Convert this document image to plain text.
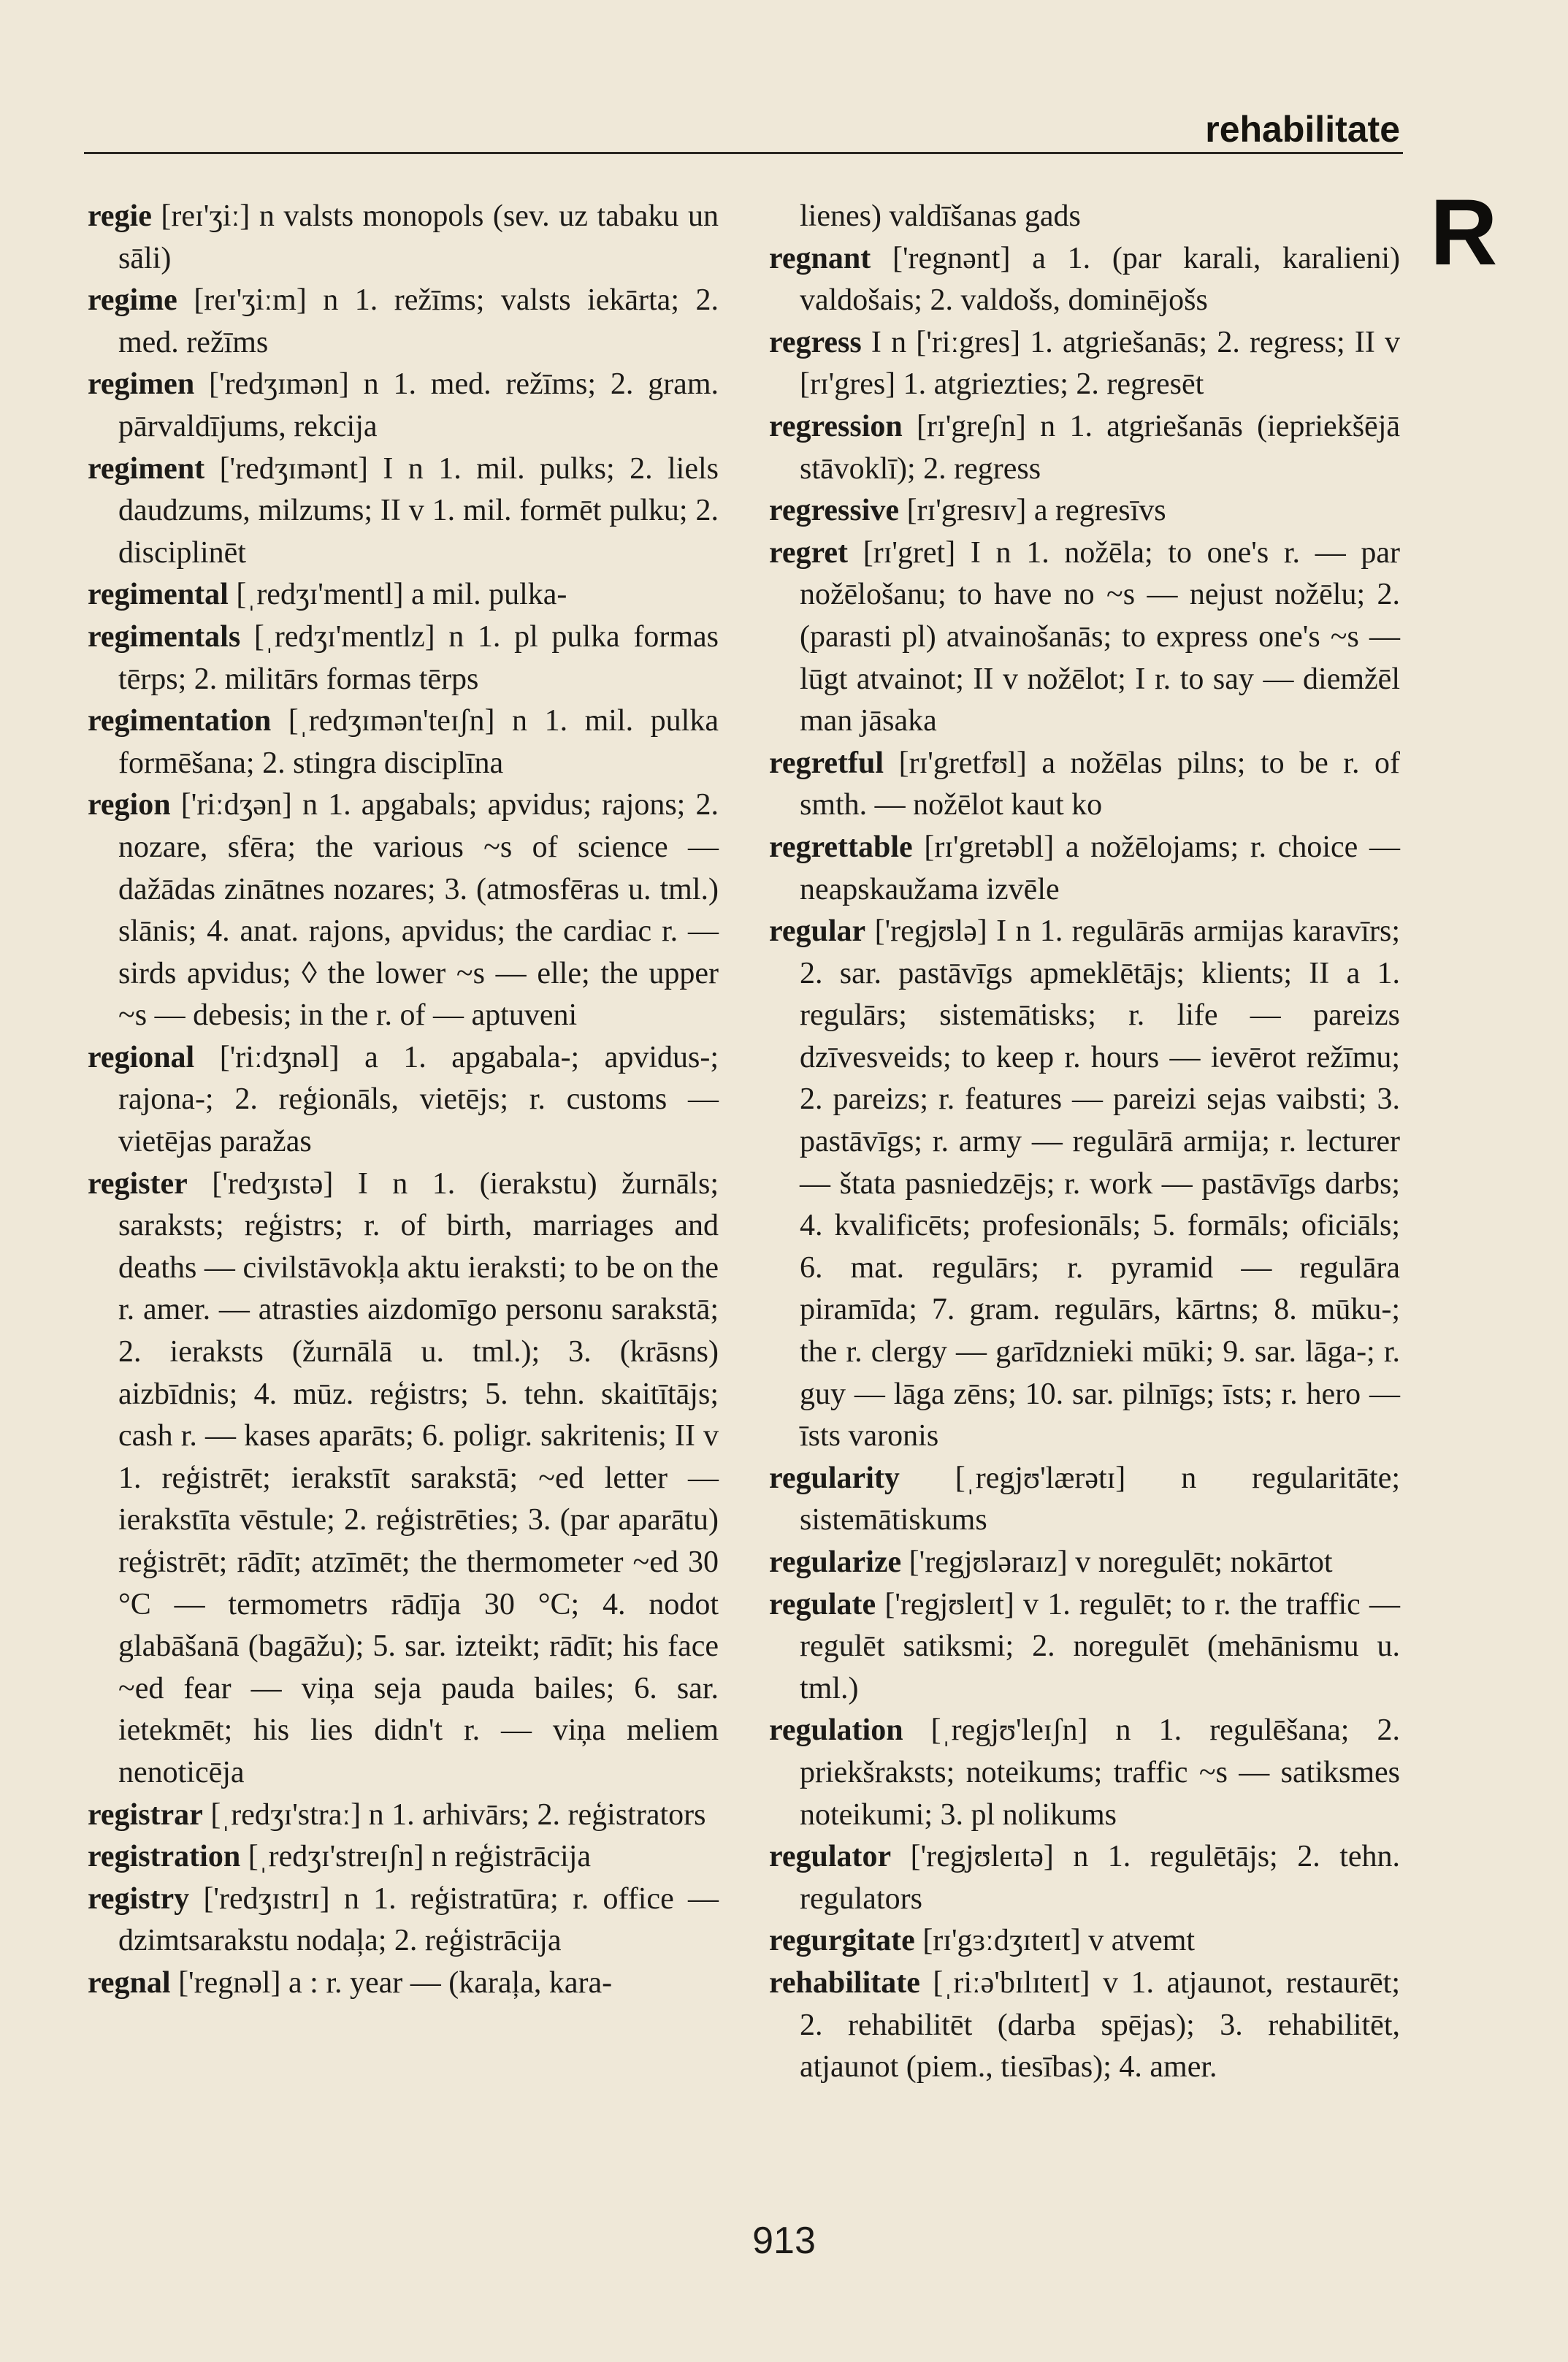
rehabilitate
R

regie [reɪ'ʒiː] n valsts monopols (sev. uz tabaku un sāli)

regime [reɪ'ʒiːm] n 1. režīms; valsts iekārta; 2. med. režīms

regimen ['redʒɪmən] n 1. med. režīms; 2. gram. pārvaldījums, rekcija

regiment ['redʒɪmənt] I n 1. mil. pulks; 2. liels daudzums, milzums; II v 1. mil. formēt pulku; 2. disciplinēt

regimental [ˌredʒɪ'mentl] a mil. pulka-

regimentals [ˌredʒɪ'mentlz] n 1. pl pulka formas tērps; 2. militārs formas tērps

regimentation [ˌredʒɪmən'teɪʃn] n 1. mil. pulka formēšana; 2. stingra disciplīna

region ['riːdʒən] n 1. apgabals; apvidus; rajons; 2. nozare, sfēra; the various ~s of science — dažādas zinātnes nozares; 3. (atmosfēras u. tml.) slānis; 4. anat. rajons, apvidus; the cardiac r. — sirds apvidus; ◊ the lower ~s — elle; the upper ~s — debesis; in the r. of — aptuveni

regional ['riːdʒnəl] a 1. apgabala-; apvidus-; rajona-; 2. reģionāls, vietējs; r. customs — vietējas paražas

register ['redʒɪstə] I n 1. (ierakstu) žurnāls; saraksts; reģistrs; r. of birth, marriages and deaths — civilstāvokļa aktu ieraksti; to be on the r. amer. — atrasties aizdomīgo personu sarakstā; 2. ieraksts (žurnālā u. tml.); 3. (krāsns) aizbīdnis; 4. mūz. reģistrs; 5. tehn. skaitītājs; cash r. — kases aparāts; 6. poligr. sakritenis; II v 1. reģistrēt; ierakstīt sarakstā; ~ed letter — ierakstīta vēstule; 2. reģistrēties; 3. (par aparātu) reģistrēt; rādīt; atzīmēt; the thermometer ~ed 30 °C — termometrs rādīja 30 °C; 4. nodot glabāšanā (bagāžu); 5. sar. izteikt; rādīt; his face ~ed fear — viņa seja pauda bailes; 6. sar. ietekmēt; his lies didn't r. — viņa meliem nenoticēja

registrar [ˌredʒɪ'straː] n 1. arhivārs; 2. reģistrators

registration [ˌredʒɪ'streɪʃn] n reģistrācija

registry ['redʒɪstrɪ] n 1. reģistratūra; r. office — dzimtsarakstu nodaļa; 2. reģistrācija

regnal ['regnəl] a : r. year — (karaļa, kara-

lienes) valdīšanas gads

regnant ['regnənt] a 1. (par karali, karalieni) valdošais; 2. valdošs, dominējošs

regress I n ['riːgres] 1. atgriešanās; 2. regress; II v [rɪ'gres] 1. atgriezties; 2. regresēt

regression [rɪ'greʃn] n 1. atgriešanās (iepriekšējā stāvoklī); 2. regress

regressive [rɪ'gresɪv] a regresīvs

regret [rɪ'gret] I n 1. nožēla; to one's r. — par nožēlošanu; to have no ~s — nejust nožēlu; 2. (parasti pl) atvainošanās; to express one's ~s — lūgt atvainot; II v nožēlot; I r. to say — diemžēl man jāsaka

regretful [rɪ'gretfʊl] a nožēlas pilns; to be r. of smth. — nožēlot kaut ko

regrettable [rɪ'gretəbl] a nožēlojams; r. choice — neapskaužama izvēle

regular ['regjʊlə] I n 1. regulārās armijas karavīrs; 2. sar. pastāvīgs apmeklētājs; klients; II a 1. regulārs; sistemātisks; r. life — pareizs dzīvesveids; to keep r. hours — ievērot režīmu; 2. pareizs; r. features — pareizi sejas vaibsti; 3. pastāvīgs; r. army — regulārā armija; r. lecturer — štata pasniedzējs; r. work — pastāvīgs darbs; 4. kvalificēts; profesionāls; 5. formāls; oficiāls; 6. mat. regulārs; r. pyramid — regulāra piramīda; 7. gram. regulārs, kārtns; 8. mūku-; the r. clergy — garīdznieki mūki; 9. sar. lāga-; r. guy — lāga zēns; 10. sar. pilnīgs; īsts; r. hero — īsts varonis

regularity [ˌregjʊ'lærətɪ] n regularitāte; sistemātiskums

regularize ['regjʊləraɪz] v noregulēt; nokārtot

regulate ['regjʊleɪt] v 1. regulēt; to r. the traffic — regulēt satiksmi; 2. noregulēt (mehānismu u. tml.)

regulation [ˌregjʊ'leɪʃn] n 1. regulēšana; 2. priekšraksts; noteikums; traffic ~s — satiksmes noteikumi; 3. pl nolikums

regulator ['regjʊleɪtə] n 1. regulētājs; 2. tehn. regulators

regurgitate [rɪ'gɜːdʒɪteɪt] v atvemt

rehabilitate [ˌriːə'bɪlɪteɪt] v 1. atjaunot, restaurēt; 2. rehabilitēt (darba spējas); 3. rehabilitēt, atjaunot (piem., tiesības); 4. amer.

913
